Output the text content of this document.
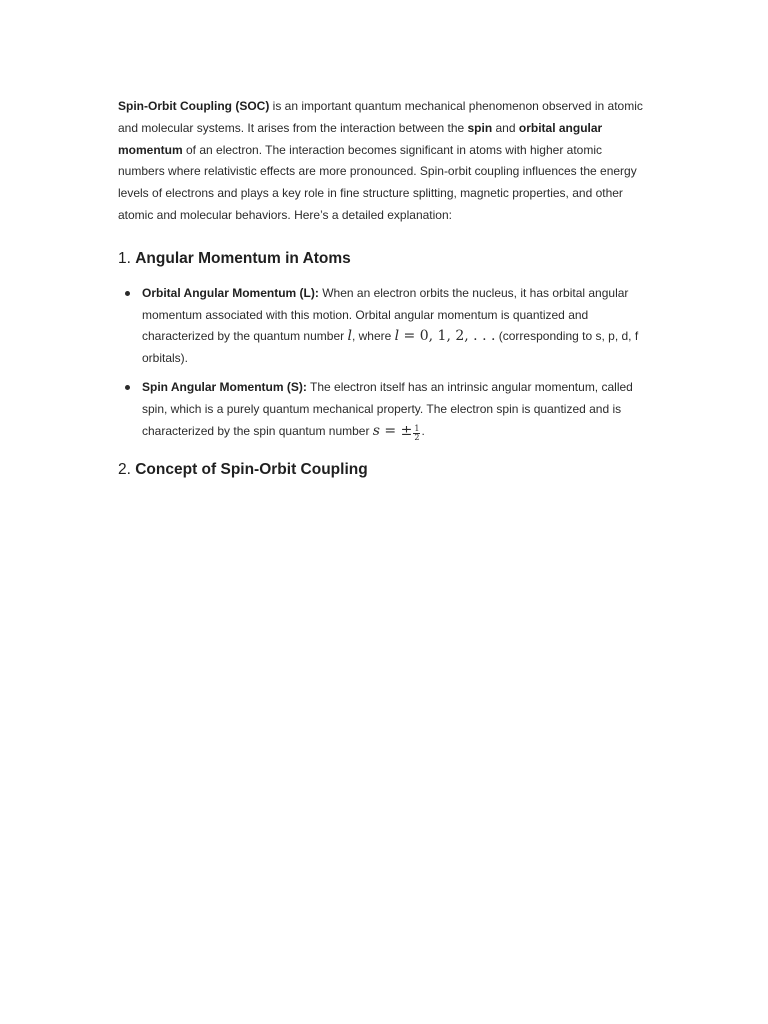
Spin-Orbit Coupling (SOC) is an important quantum mechanical phenomenon observed in atomic and molecular systems. It arises from the interaction between the spin and orbital angular momentum of an electron. The interaction becomes significant in atoms with higher atomic numbers where relativistic effects are more pronounced. Spin-orbit coupling influences the energy levels of electrons and plays a key role in fine structure splitting, magnetic properties, and other atomic and molecular behaviors. Here’s a detailed explanation:

1. Angular Momentum in Atoms
Orbital Angular Momentum (L): When an electron orbits the nucleus, it has orbital angular momentum associated with this motion. Orbital angular momentum is quantized and characterized by the quantum number l, where l = 0, 1, 2, . . . (corresponding to s, p, d, f orbitals).
Spin Angular Momentum (S): The electron itself has an intrinsic angular momentum, called spin, which is a purely quantum mechanical property. The electron spin is quantized and is characterized by the spin quantum number s = ± $\frac{1}{2}$ .
2. Concept of Spin-Orbit Coupling
